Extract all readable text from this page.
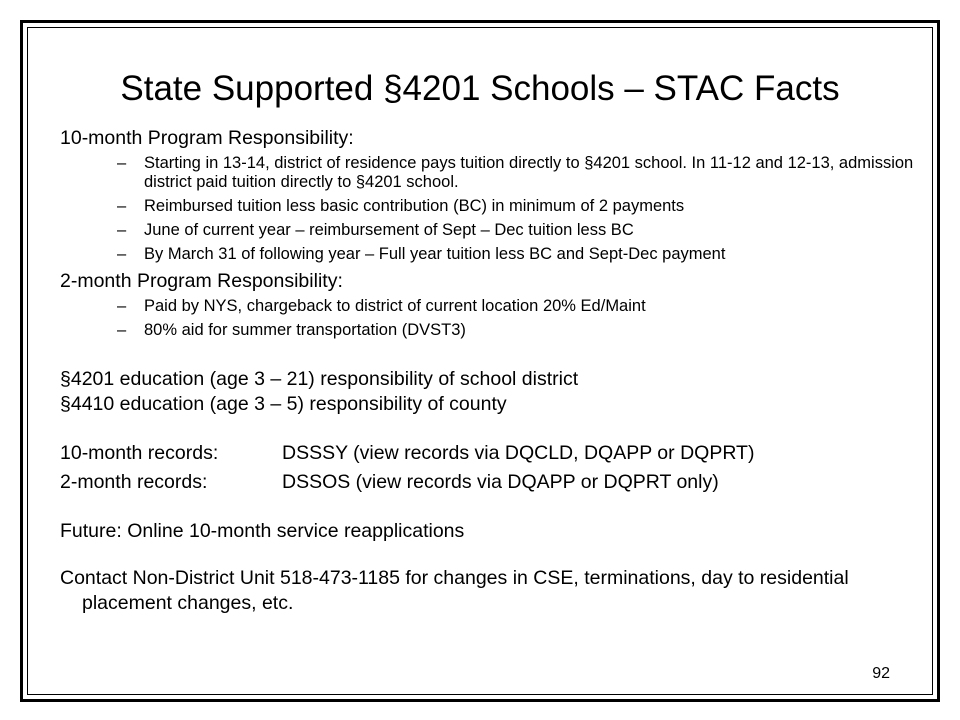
State Supported §4201 Schools – STAC Facts
10-month Program Responsibility:
– Starting in 13-14, district of residence pays tuition directly to §4201 school. In 11-12 and 12-13, admission district paid tuition directly to §4201 school.
– Reimbursed tuition less basic contribution (BC) in minimum of 2 payments
– June of current year – reimbursement of Sept – Dec tuition less BC
– By March 31 of following year – Full year tuition less BC and Sept-Dec payment
2-month Program Responsibility:
– Paid by NYS, chargeback to district of current location 20% Ed/Maint
– 80% aid for summer transportation (DVST3)
§4201 education (age 3 – 21) responsibility of school district
§4410 education (age 3 – 5) responsibility of county
10-month records:	DSSSY (view records via DQCLD, DQAPP or DQPRT)
2-month records:	DSSOS (view records via DQAPP or DQPRT only)
Future: Online 10-month service reapplications
Contact Non-District Unit 518-473-1185 for changes in CSE, terminations, day to residential placement changes, etc.
92
